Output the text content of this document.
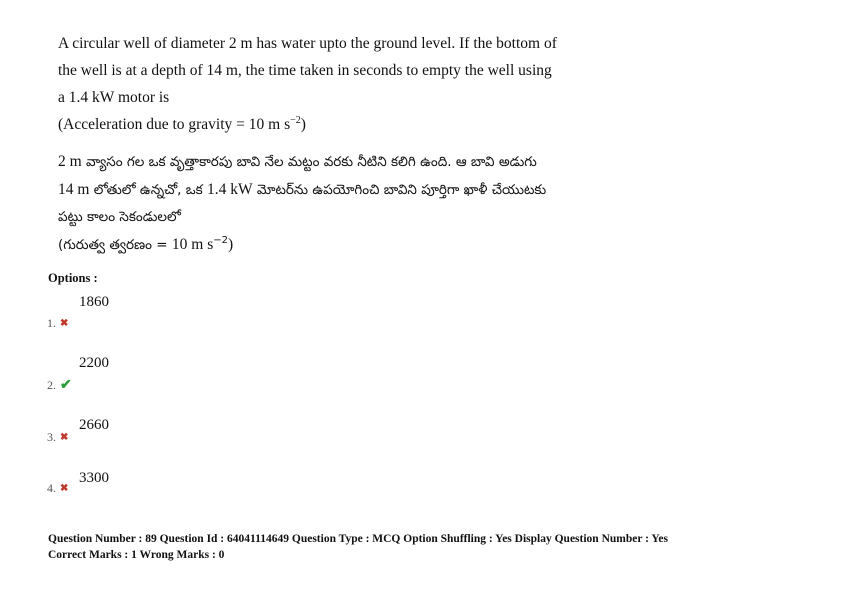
A circular well of diameter 2 m has water upto the ground level. If the bottom of
the well is at a depth of 14 m, the time taken in seconds to empty the well using
a 1.4 kW motor is
(Acceleration due to gravity = 10 m $s^{-2}$)
2 m వ్యాసం గల ఒక వృత్తాకారపు బావి నేల మట్టం వరకు నీటిని కలిగి ఉంది. ఆ బావి అడుగు
14 m లోతులో ఉన్నచో, ఒక 1.4 kW మోటర్‌ను ఉపయోగించి బావిని పూర్తిగా ఖాళీ చేయుటకు
పట్టు కాలం సెకండులలో
(గురుత్వ త్వరణం = 10 m $s^{-2}$)
Options :
1860
1. ✖
2200
2. ✔
2660
3. ✖
3300
4. ✖
Question Number : 89 Question Id : 64041114649 Question Type : MCQ Option Shuffling : Yes Display Question Number : Yes
Correct Marks : 1 Wrong Marks : 0
